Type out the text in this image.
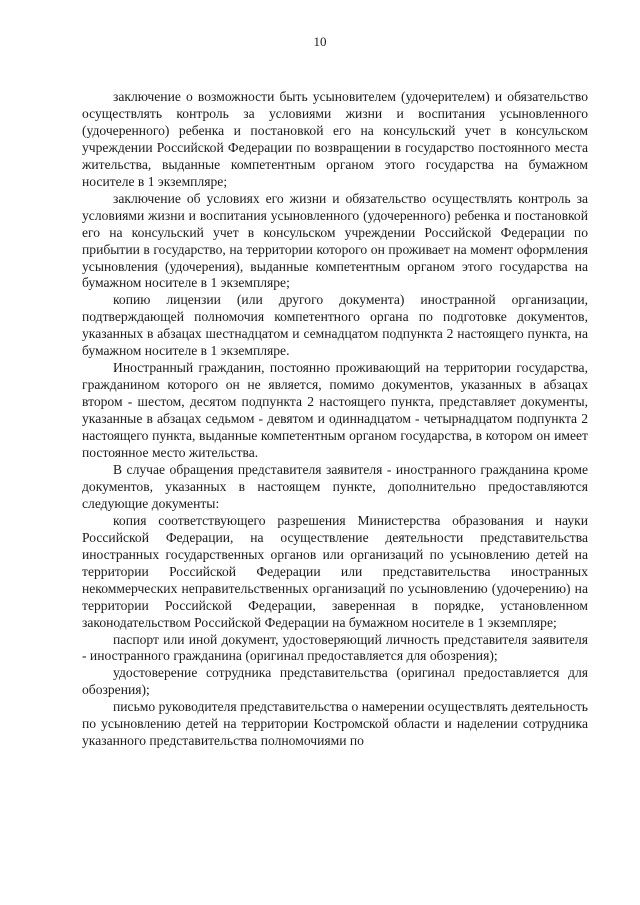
10

заключение о возможности быть усыновителем (удочерителем) и обязательство осуществлять контроль за условиями жизни и воспитания усыновленного (удочеренного) ребенка и постановкой его на консульский учет в консульском учреждении Российской Федерации по возвращении в государство постоянного места жительства, выданные компетентным органом этого государства на бумажном носителе в 1 экземпляре;

заключение об условиях его жизни и обязательство осуществлять контроль за условиями жизни и воспитания усыновленного (удочеренного) ребенка и постановкой его на консульский учет в консульском учреждении Российской Федерации по прибытии в государство, на территории которого он проживает на момент оформления усыновления (удочерения), выданные компетентным органом этого государства на бумажном носителе в 1 экземпляре;

копию лицензии (или другого документа) иностранной организации, подтверждающей полномочия компетентного органа по подготовке документов, указанных в абзацах шестнадцатом и семнадцатом подпункта 2 настоящего пункта, на бумажном носителе в 1 экземпляре.

Иностранный гражданин, постоянно проживающий на территории государства, гражданином которого он не является, помимо документов, указанных в абзацах втором - шестом, десятом подпункта 2 настоящего пункта, представляет документы, указанные в абзацах седьмом - девятом и одиннадцатом - четырнадцатом подпункта 2 настоящего пункта, выданные компетентным органом государства, в котором он имеет постоянное место жительства.

В случае обращения представителя заявителя - иностранного гражданина кроме документов, указанных в настоящем пункте, дополнительно предоставляются следующие документы:

копия соответствующего разрешения Министерства образования и науки Российской Федерации, на осуществление деятельности представительства иностранных государственных органов или организаций по усыновлению детей на территории Российской Федерации или представительства иностранных некоммерческих неправительственных организаций по усыновлению (удочерению) на территории Российской Федерации, заверенная в порядке, установленном законодательством Российской Федерации на бумажном носителе в 1 экземпляре;

паспорт или иной документ, удостоверяющий личность представителя заявителя - иностранного гражданина (оригинал предоставляется для обозрения);

удостоверение сотрудника представительства (оригинал предоставляется для обозрения);

письмо руководителя представительства о намерении осуществлять деятельность по усыновлению детей на территории Костромской области и наделении сотрудника указанного представительства полномочиями по
